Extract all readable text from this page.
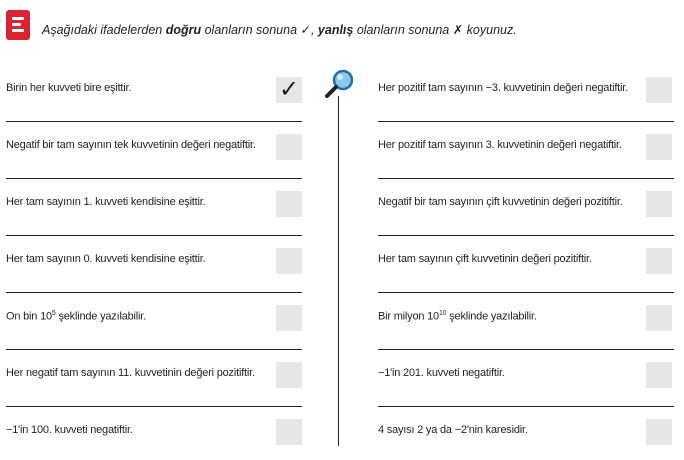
Aşağıdaki ifadelerden doğru olanların sonuna ✓, yanlış olanların sonuna ✗ koyunuz.
Birin her kuvveti bire eşittir.	✓
Negatif bir tam sayının tek kuvvetinin değeri negatiftir.
Her tam sayının 1. kuvveti kendisine eşittir.
Her tam sayının 0. kuvveti kendisine eşittir.
On bin $10^5$ şeklinde yazılabilir.
Her negatif tam sayının 11. kuvvetinin değeri pozitiftir.
−1'in 100. kuvveti negatiftir.
Her pozitif tam sayının −3. kuvvetinin değeri negatiftir.
Her pozitif tam sayının 3. kuvvetinin değeri negatiftir.
Negatif bir tam sayının çift kuvvetinin değeri pozitiftir.
Her tam sayının çift kuvvetinin değeri pozitiftir.
Bir milyon $10^{10}$ şeklinde yazılabilir.
−1'in 201. kuvveti negatiftir.
4 sayısı 2 ya da −2'nin karesidir.
